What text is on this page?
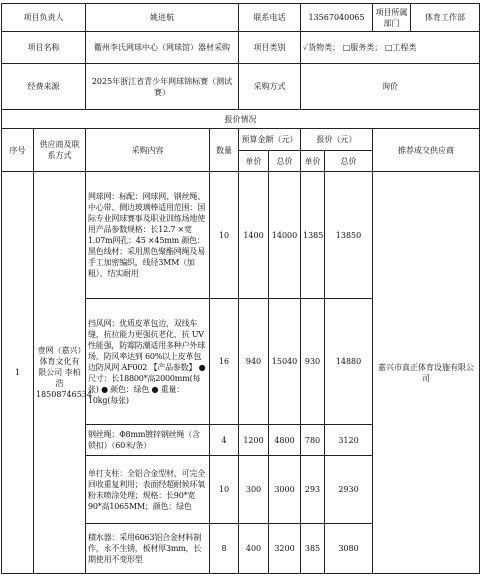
项目负责人		姚进航		联系电话		13567040065		项目所属部门	体育工作部
项目名称		衢州李氏网球中心（网球馆）器材采购		项目类别		✓货物类； □服务类； □工程类			
经费来源		2025年浙江省青少年网球锦标赛（测试赛）		采购方式		询价			
报价情况									
序号	供应商及联系方式	采购内容	数量	预算金额（元）		报价（元）		推荐成交供应商	
				单价	总价	单价	总价		
1	壹网（嘉兴）体育文化有限公司 李柏浩 18508746534	网球网：标配：网球网、钢丝绳、中心带、侧边玻璃棒适用范围：国际专业网球赛事及职业训练场地使用产品参数规格：长12.7 ×宽1.07m网孔：45 ×45mm 颜色：黑色线材：采用黑色聚酯网绳及易手工加密编织，线径3MM（加粗），结实耐用	10	1400	14000	1385	13850	嘉兴市真正体育设施有限公司	
		挡风网：优质皮革包边，双线车缝，抗拉能力更强抗老化、抗 UV 性能强，防霉防潮适用多种户外球场，防风率达到 60%以上皮革包边防风网 AF002 【产品参数】 ●尺寸：长18800*高2000mm(每张) ● 颜色：绿色 ● 重量：10kg(每张)	16	940	15040	930	14880		
		钢丝绳：Φ8mm镀锌钢丝绳（含锁扣）（60米/条）	4	1200	4800	780	3120		
		单打支柱：全铝合金型材，可完全回收重复利用；表面经超耐候环氧粉末喷涂处理；规格：长90*宽90*高1065MM；颜色：绿色	10	300	3000	293	2930		
		積水器：采用6063铝合金材料制作，永不生锈，板材厚3mm，长期使用不变形型	8	400	3200	385	3080		
